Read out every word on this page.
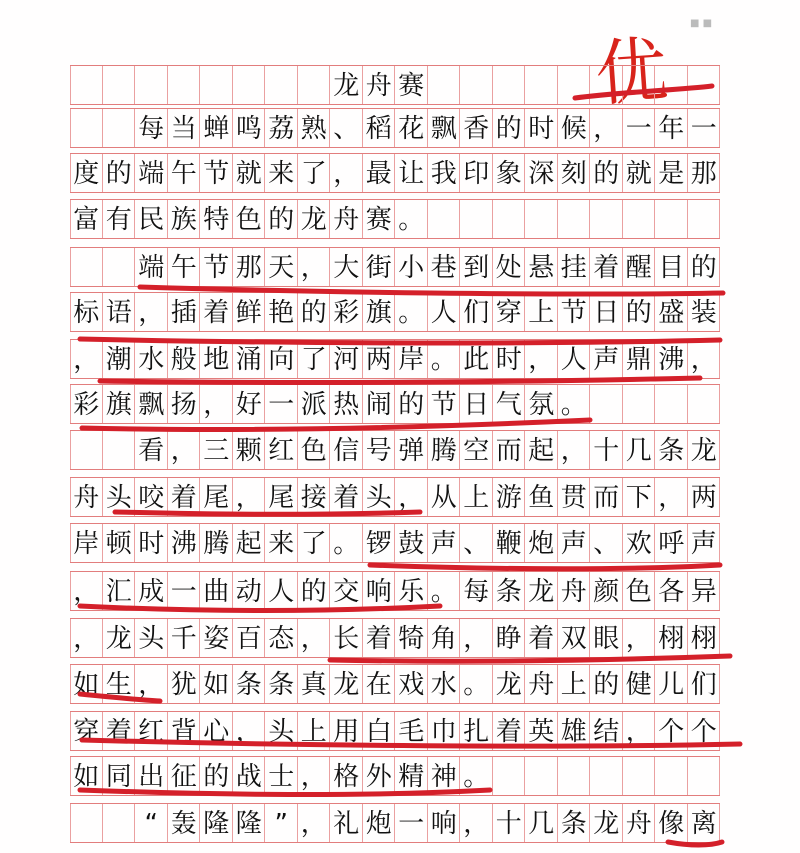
优
■ ■
龙 舟 赛
每 当 蝉 鸣 荔 熟 、 稻 花 飘 香 的 时 候 ， 一 年 一
度 的 端 午 节 就 来 了 ， 最 让 我 印 象 深 刻 的 就 是 那
富 有 民 族 特 色 的 龙 舟 赛 。
端 午 节 那 天 ， 大 街 小 巷 到 处 悬 挂 着 醒 目 的
标 语 ， 插 着 鲜 艳 的 彩 旗 。 人 们 穿 上 节 日 的 盛 装
， 潮 水 般 地 涌 向 了 河 两 岸 。 此 时 ， 人 声 鼎 沸 ，
彩 旗 飘 扬 ， 好 一 派 热 闹 的 节 日 气 氛 。
看 ， 三 颗 红 色 信 号 弹 腾 空 而 起 ， 十 几 条 龙
舟 头 咬 着 尾 ， 尾 接 着 头 ， 从 上 游 鱼 贯 而 下 ， 两
岸 顿 时 沸 腾 起 来 了 。 锣 鼓 声 、 鞭 炮 声 、 欢 呼 声
， 汇 成 一 曲 动 人 的 交 响 乐 。 每 条 龙 舟 颜 色 各 异
， 龙 头 千 姿 百 态 ， 长 着 犄 角 ， 睁 着 双 眼 ， 栩 栩
如 生 ， 犹 如 条 条 真 龙 在 戏 水 。 龙 舟 上 的 健 儿 们
穿 着 红 背 心 ， 头 上 用 白 毛 巾 扎 着 英 雄 结 ， 个 个
如 同 出 征 的 战 士 ， 格 外 精 神 。
“ 轰 隆 隆 ” ， 礼 炮 一 响 ， 十 几 条 龙 舟 像 离
